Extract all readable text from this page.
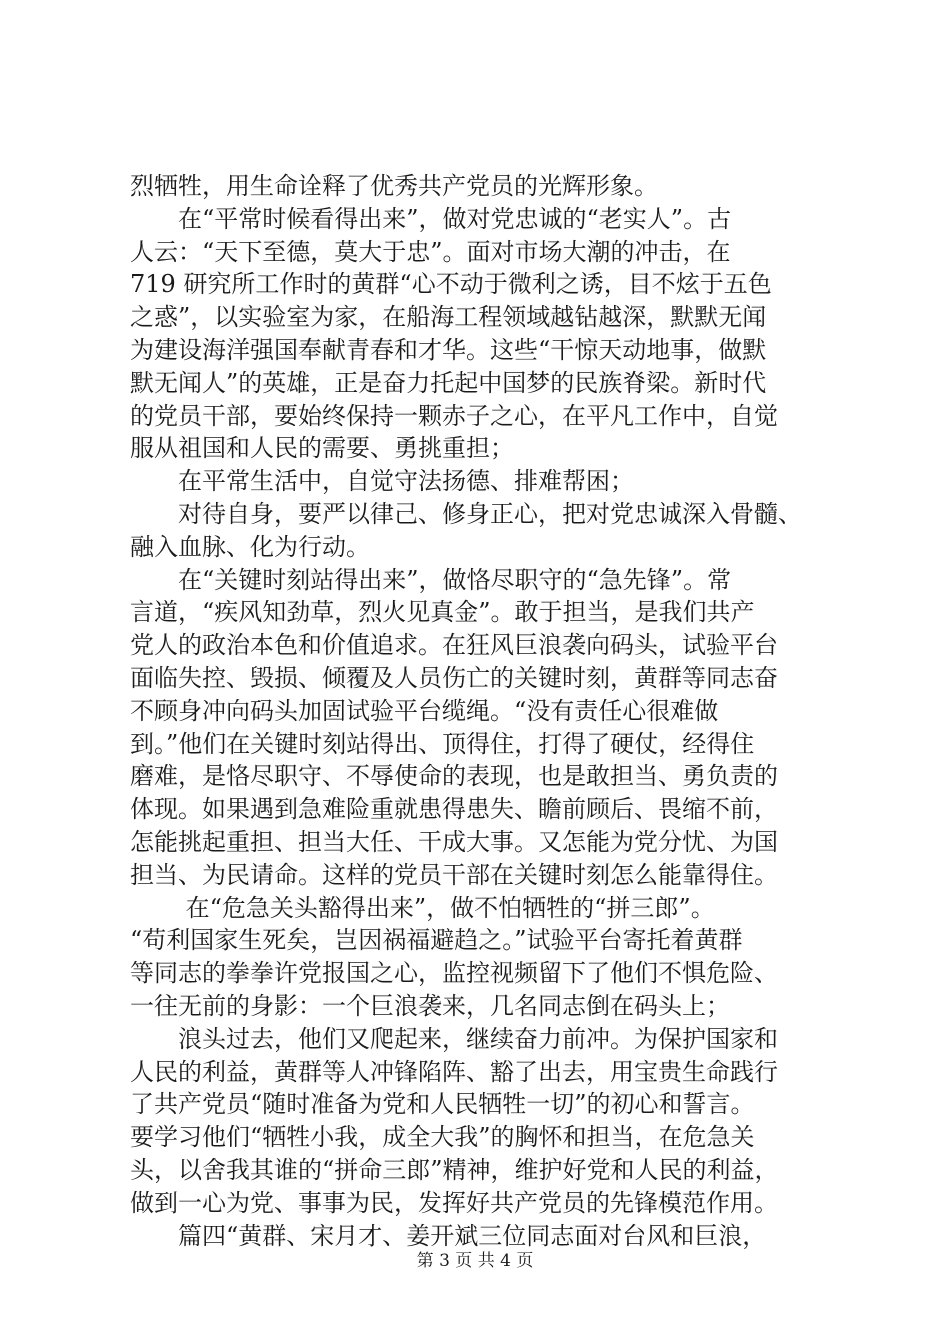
烈牺牲，用生命诠释了优秀共产党员的光辉形象。
　　在“平常时候看得出来”，做对党忠诚的“老实人”。古
人云：“天下至德，莫大于忠”。面对市场大潮的冲击，在
719 研究所工作时的黄群“心不动于微利之诱，目不炫于五色
之惑”，以实验室为家，在船海工程领域越钻越深，默默无闻
为建设海洋强国奉献青春和才华。这些“干惊天动地事，做默
默无闻人”的英雄，正是奋力托起中国梦的民族脊梁。新时代
的党员干部，要始终保持一颗赤子之心，在平凡工作中，自觉
服从祖国和人民的需要、勇挑重担；
　　在平常生活中，自觉守法扬德、排难帮困；
　　对待自身，要严以律己、修身正心，把对党忠诚深入骨髓、
融入血脉、化为行动。
　　在“关键时刻站得出来”，做恪尽职守的“急先锋”。常
言道，“疾风知劲草，烈火见真金”。敢于担当，是我们共产
党人的政治本色和价值追求。在狂风巨浪袭向码头，试验平台
面临失控、毁损、倾覆及人员伤亡的关键时刻，黄群等同志奋
不顾身冲向码头加固试验平台缆绳。“没有责任心很难做
到。”他们在关键时刻站得出、顶得住，打得了硬仗，经得住
磨难，是恪尽职守、不辱使命的表现，也是敢担当、勇负责的
体现。如果遇到急难险重就患得患失、瞻前顾后、畏缩不前，
怎能挑起重担、担当大任、干成大事。又怎能为党分忧、为国
担当、为民请命。这样的党员干部在关键时刻怎么能靠得住。
　　 在“危急关头豁得出来”，做不怕牺牲的“拼三郎”。
“苟利国家生死矣，岂因祸福避趋之。”试验平台寄托着黄群
等同志的拳拳许党报国之心，监控视频留下了他们不惧危险、
一往无前的身影：一个巨浪袭来，几名同志倒在码头上；
　　浪头过去，他们又爬起来，继续奋力前冲。为保护国家和
人民的利益，黄群等人冲锋陷阵、豁了出去，用宝贵生命践行
了共产党员“随时准备为党和人民牺牲一切”的初心和誓言。
要学习他们“牺牲小我，成全大我”的胸怀和担当，在危急关
头，以舍我其谁的“拼命三郎”精神，维护好党和人民的利益，
做到一心为党、事事为民，发挥好共产党员的先锋模范作用。
　　篇四“黄群、宋月才、姜开斌三位同志面对台风和巨浪，
第 3 页 共 4 页
